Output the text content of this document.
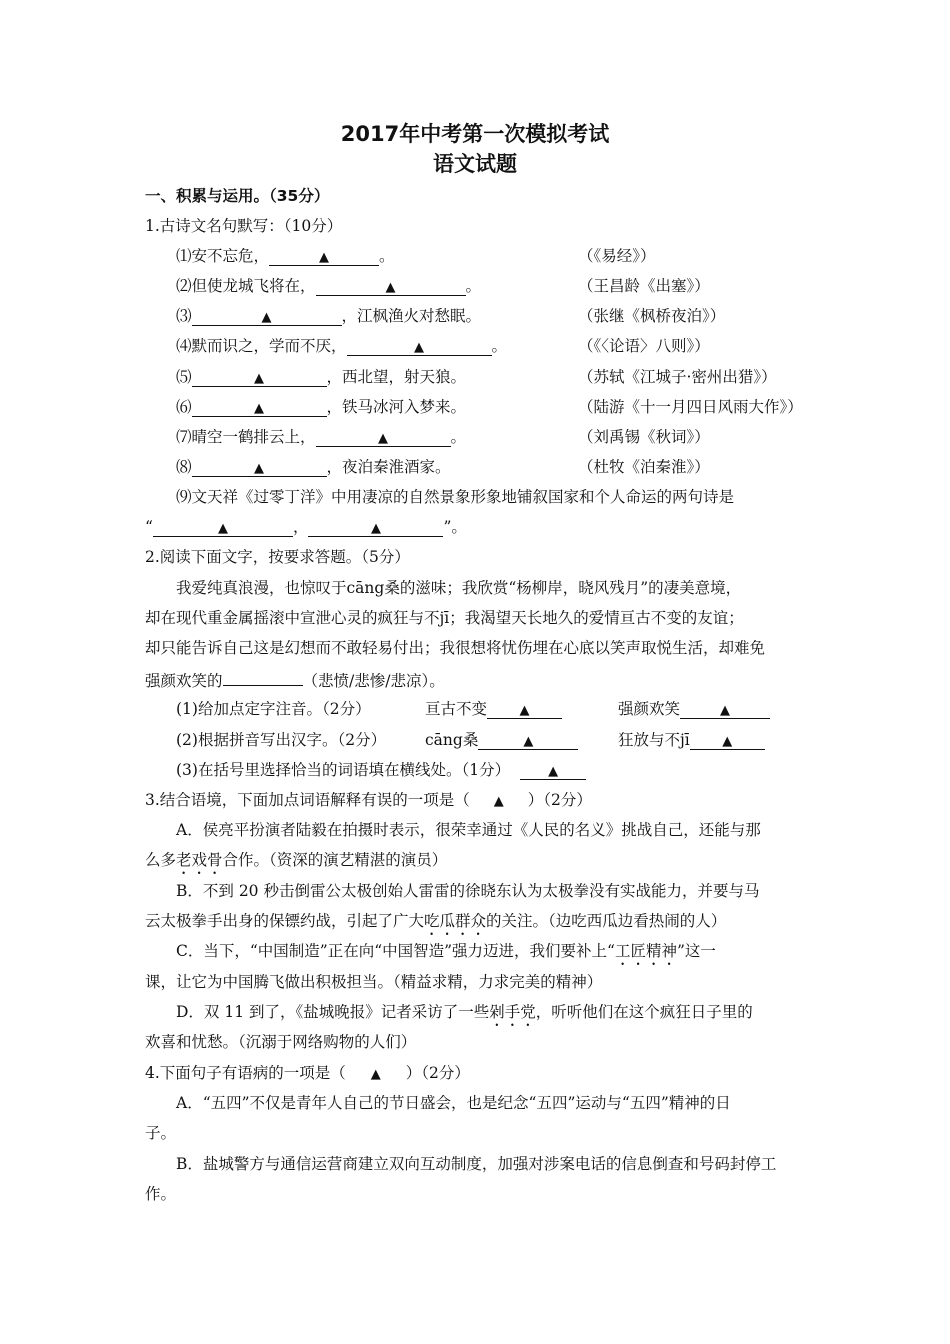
2017年中考第一次模拟考试
语文试题
一、积累与运用。（35分）
1.古诗文名句默写：（10分）
⑴安不忘危，	▲	。	（《易经》）
⑵但使龙城飞将在，	▲	。	（王昌龄《出塞》）
⑶	▲	，江枫渔火对愁眠。	（张继《枫桥夜泊》）
⑷默而识之，学而不厌，	▲	。	（《〈论语〉八则》）
⑸	▲	，西北望，射天狼。	（苏轼《江城子·密州出猎》）
⑹	▲	，铁马冰河入梦来。	（陆游《十一月四日风雨大作》）
⑺晴空一鹤排云上，	▲	。	（刘禹锡《秋词》）
⑻	▲	，夜泊秦淮酒家。	（杜牧《泊秦淮》）
⑼文天祥《过零丁洋》中用凄凉的自然景象形象地铺叙国家和个人命运的两句诗是
“	▲	，	▲	”。
2.阅读下面文字，按要求答题。（5分）
我爱纯真浪漫，也惊叹于cāng桑的滋味；我欣赏“杨柳岸，晓风残月”的凄美意境，
却在现代重金属摇滚中宣泄心灵的疯狂与不jī；我渴望天长地久的爱情亘古不变的友谊；
却只能告诉自己这是幻想而不敢轻易付出；我很想将忧伤埋在心底以笑声取悦生活，却难免
强颜欢笑的	（悲愤/悲惨/悲凉）。
(1)给加点定字注音。（2分）	亘古不变	▲	强颜欢笑	▲
(2)根据拼音写出汉字。（2分）	cāng桑	▲	狂放与不jī	▲
(3)在括号里选择恰当的词语填在横线处。（1分）	▲
3.结合语境，下面加点词语解释有误的一项是（ ▲ ）（2分）
A．侯亮平扮演者陆毅在拍摄时表示，很荣幸通过《人民的名义》挑战自己，还能与那
么多老戏骨合作。（资深的演艺精湛的演员）
B．不到 20 秒击倒雷公太极创始人雷雷的徐晓东认为太极拳没有实战能力，并要与马
云太极拳手出身的保镖约战，引起了广大吃瓜群众的关注。（边吃西瓜边看热闹的人）
C．当下，“中国制造”正在向“中国智造”强力迈进，我们要补上“工匠精神”这一
课，让它为中国腾飞做出积极担当。（精益求精，力求完美的精神）
D．双 11 到了，《盐城晚报》记者采访了一些剁手党，听听他们在这个疯狂日子里的
欢喜和忧愁。（沉溺于网络购物的人们）
4.下面句子有语病的一项是（ ▲ ）（2分）
A．“五四”不仅是青年人自己的节日盛会，也是纪念“五四”运动与“五四”精神的日
子。
B．盐城警方与通信运营商建立双向互动制度，加强对涉案电话的信息倒查和号码封停工
作。
